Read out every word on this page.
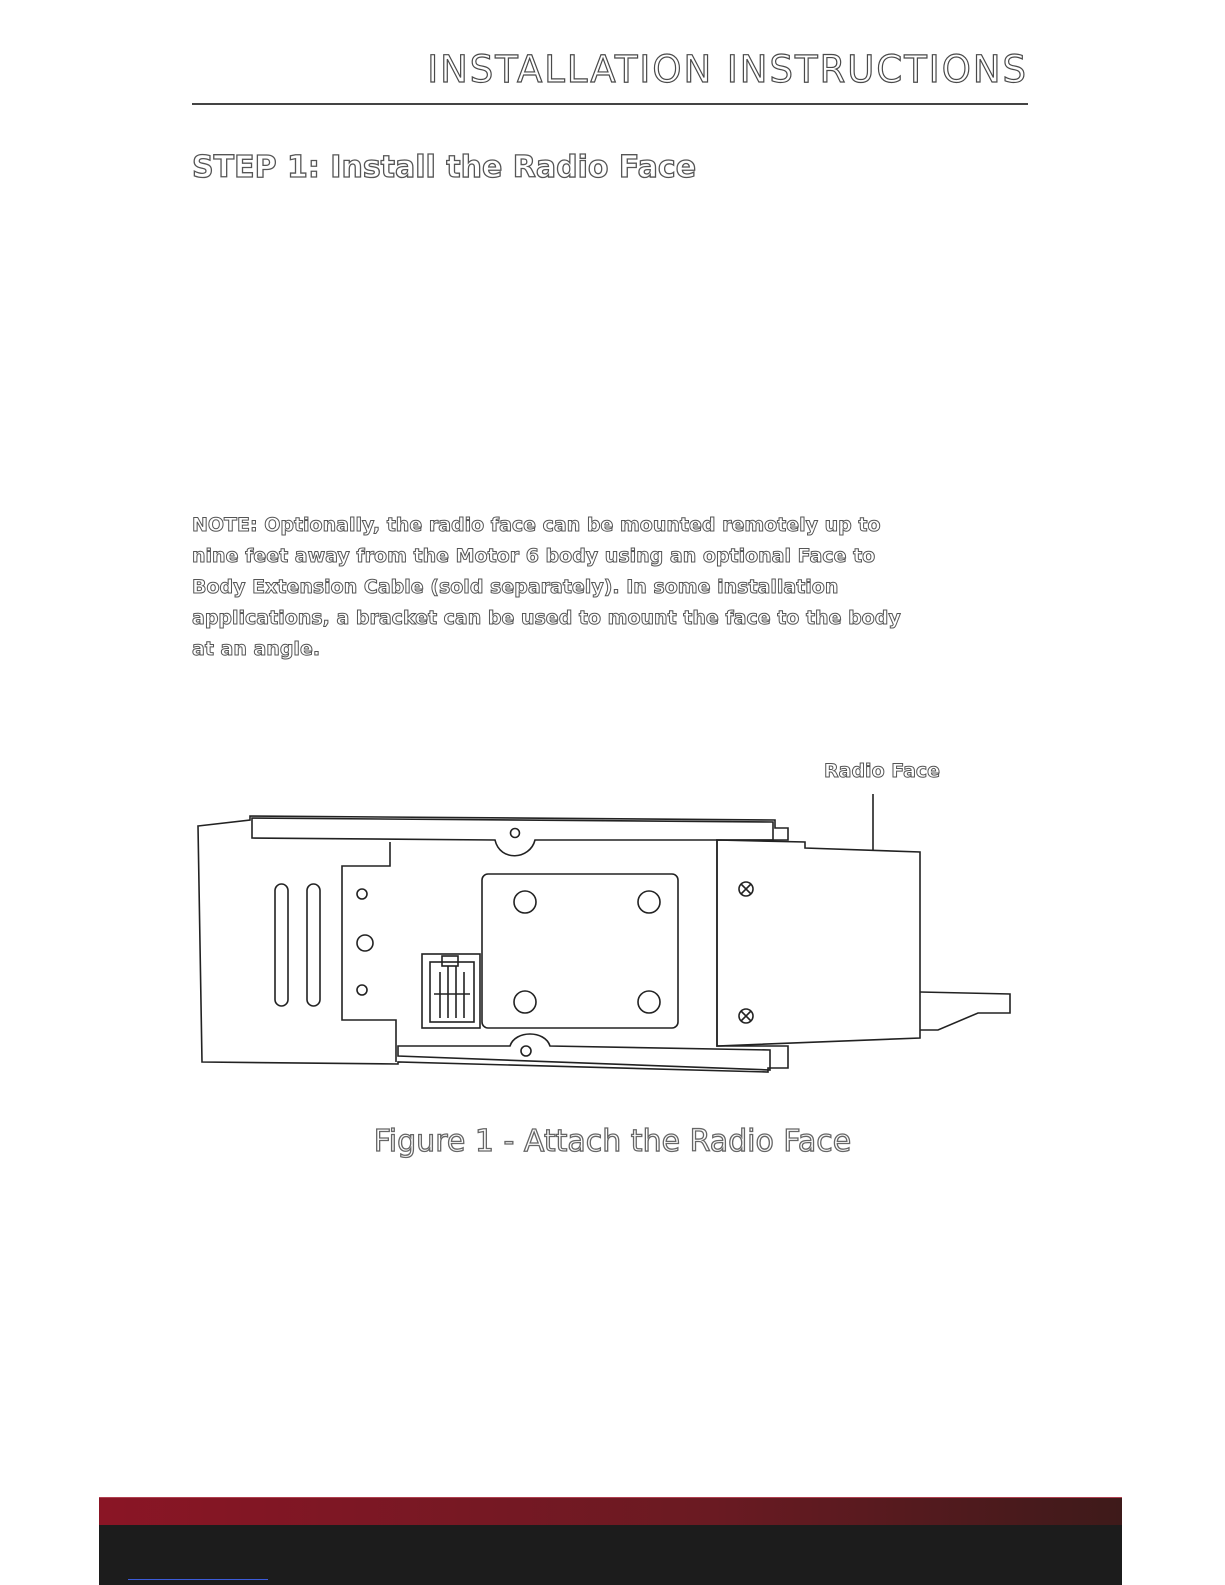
INSTALLATION INSTRUCTIONS
STEP 1: Install the Radio Face
NOTE: Optionally, the radio face can be mounted remotely up to nine feet away from the Motor 6 body using an optional Face to Body Extension Cable (sold separately). In some installation applications, a bracket can be used to mount the face to the body at an angle.
Radio Face
Figure 1 - Attach the Radio Face
